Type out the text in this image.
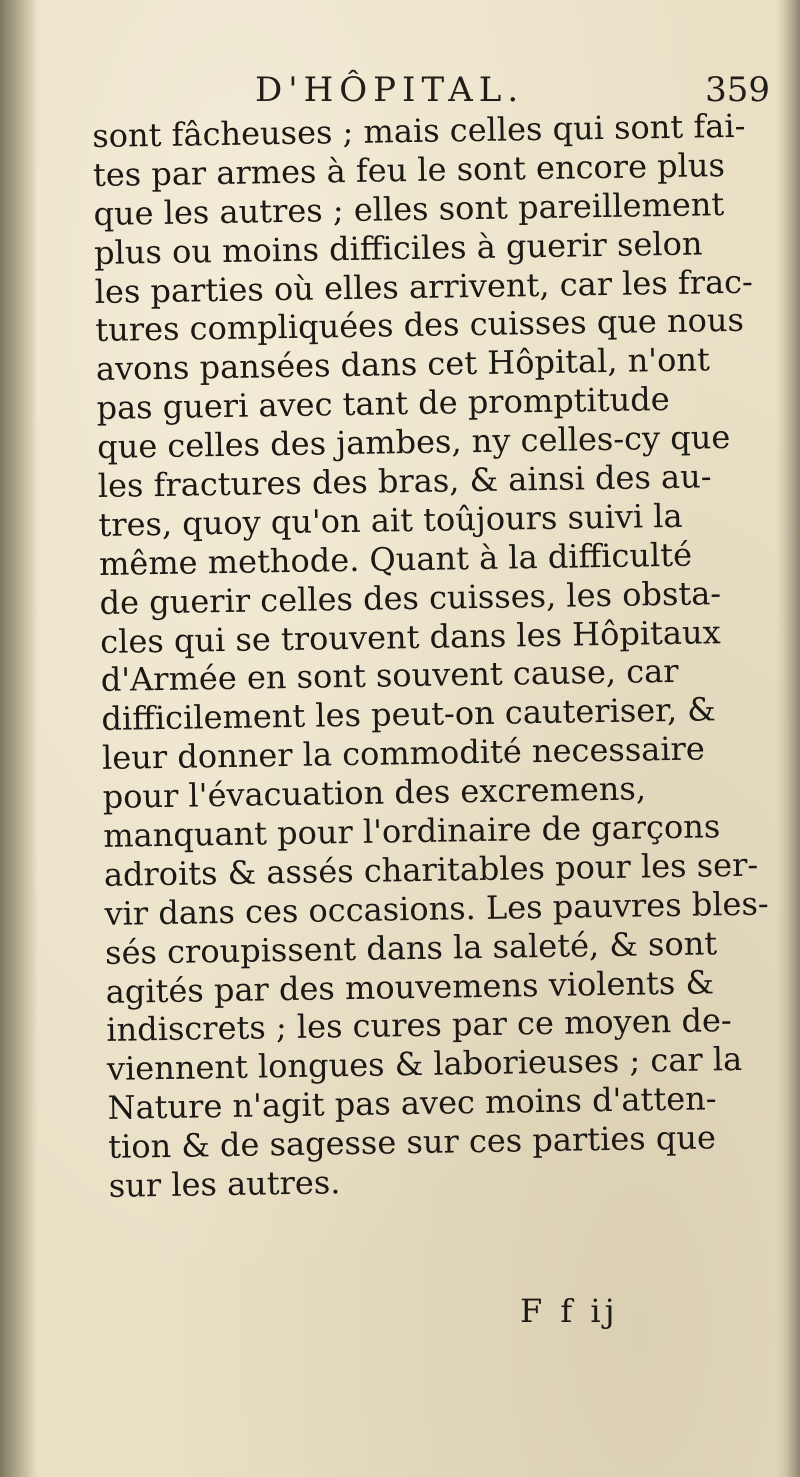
D'HÔPITAL.	359
sont fâcheuses ; mais celles qui sont fai-
tes par armes à feu le sont encore plus
que les autres ; elles sont pareillement
plus ou moins difficiles à guerir selon
les parties où elles arrivent, car les frac-
tures compliquées des cuisses que nous
avons pansées dans cet Hôpital, n'ont
pas gueri avec tant de promptitude
que celles des jambes, ny celles-cy que
les fractures des bras, & ainsi des au-
tres, quoy qu'on ait toûjours suivi la
même methode. Quant à la difficulté
de guerir celles des cuisses, les obsta-
cles qui se trouvent dans les Hôpitaux
d'Armée en sont souvent cause, car
difficilement les peut-on cauteriser, &
leur donner la commodité necessaire
pour l'évacuation des excremens,
manquant pour l'ordinaire de garçons
adroits & assés charitables pour les ser-
vir dans ces occasions. Les pauvres bles-
sés croupissent dans la saleté, & sont
agités par des mouvemens violents &
indiscrets ; les cures par ce moyen de-
viennent longues & laborieuses ; car la
Nature n'agit pas avec moins d'atten-
tion & de sagesse sur ces parties que
sur les autres.
F f ij
